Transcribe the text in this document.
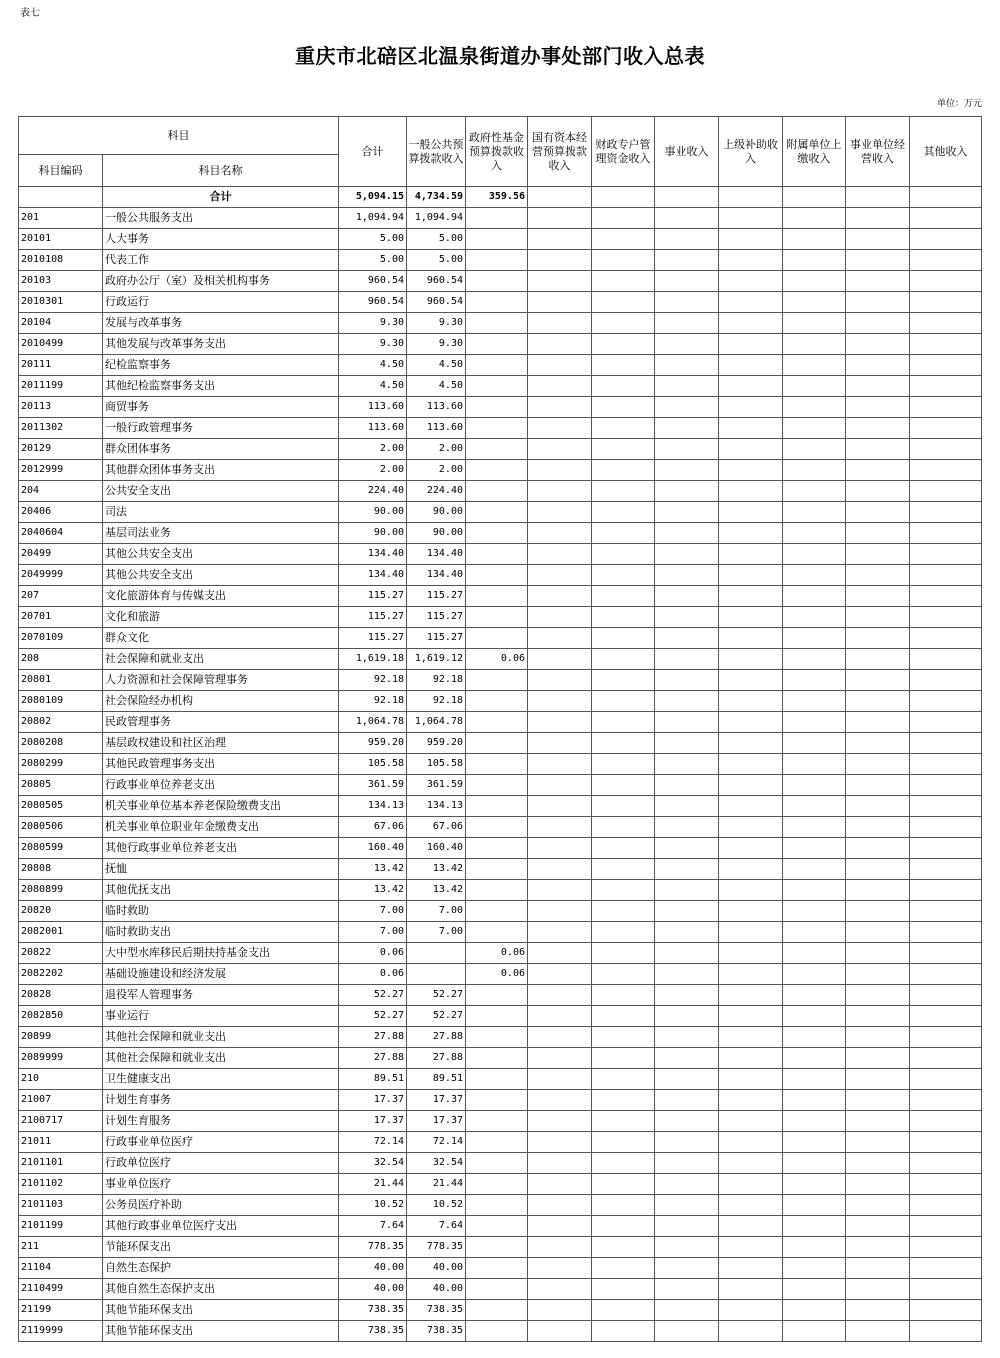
表七
重庆市北碚区北温泉街道办事处部门收入总表
单位：万元
科目		合计	一般公共预算拨款收入	政府性基金预算拨款收入	国有资本经营预算拨款收入	财政专户管理资金收入	事业收入	上级补助收入	附属单位上缴收入	事业单位经营收入	其他收入
科目编码	科目名称										
	合计	5,094.15	4,734.59	359.56							
201	一般公共服务支出	1,094.94	1,094.94								
20101	人大事务	5.00	5.00								
2010108	代表工作	5.00	5.00								
20103	政府办公厅（室）及相关机构事务	960.54	960.54								
2010301	行政运行	960.54	960.54								
20104	发展与改革事务	9.30	9.30								
2010499	其他发展与改革事务支出	9.30	9.30								
20111	纪检监察事务	4.50	4.50								
2011199	其他纪检监察事务支出	4.50	4.50								
20113	商贸事务	113.60	113.60								
2011302	一般行政管理事务	113.60	113.60								
20129	群众团体事务	2.00	2.00								
2012999	其他群众团体事务支出	2.00	2.00								
204	公共安全支出	224.40	224.40								
20406	司法	90.00	90.00								
2040604	基层司法业务	90.00	90.00								
20499	其他公共安全支出	134.40	134.40								
2049999	其他公共安全支出	134.40	134.40								
207	文化旅游体育与传媒支出	115.27	115.27								
20701	文化和旅游	115.27	115.27								
2070109	群众文化	115.27	115.27								
208	社会保障和就业支出	1,619.18	1,619.12	0.06							
20801	人力资源和社会保障管理事务	92.18	92.18								
2080109	社会保险经办机构	92.18	92.18								
20802	民政管理事务	1,064.78	1,064.78								
2080208	基层政权建设和社区治理	959.20	959.20								
2080299	其他民政管理事务支出	105.58	105.58								
20805	行政事业单位养老支出	361.59	361.59								
2080505	机关事业单位基本养老保险缴费支出	134.13	134.13								
2080506	机关事业单位职业年金缴费支出	67.06	67.06								
2080599	其他行政事业单位养老支出	160.40	160.40								
20808	抚恤	13.42	13.42								
2080899	其他优抚支出	13.42	13.42								
20820	临时救助	7.00	7.00								
2082001	临时救助支出	7.00	7.00								
20822	大中型水库移民后期扶持基金支出	0.06		0.06							
2082202	基础设施建设和经济发展	0.06		0.06							
20828	退役军人管理事务	52.27	52.27								
2082850	事业运行	52.27	52.27								
20899	其他社会保障和就业支出	27.88	27.88								
2089999	其他社会保障和就业支出	27.88	27.88								
210	卫生健康支出	89.51	89.51								
21007	计划生育事务	17.37	17.37								
2100717	计划生育服务	17.37	17.37								
21011	行政事业单位医疗	72.14	72.14								
2101101	行政单位医疗	32.54	32.54								
2101102	事业单位医疗	21.44	21.44								
2101103	公务员医疗补助	10.52	10.52								
2101199	其他行政事业单位医疗支出	7.64	7.64								
211	节能环保支出	778.35	778.35								
21104	自然生态保护	40.00	40.00								
2110499	其他自然生态保护支出	40.00	40.00								
21199	其他节能环保支出	738.35	738.35								
2119999	其他节能环保支出	738.35	738.35								
